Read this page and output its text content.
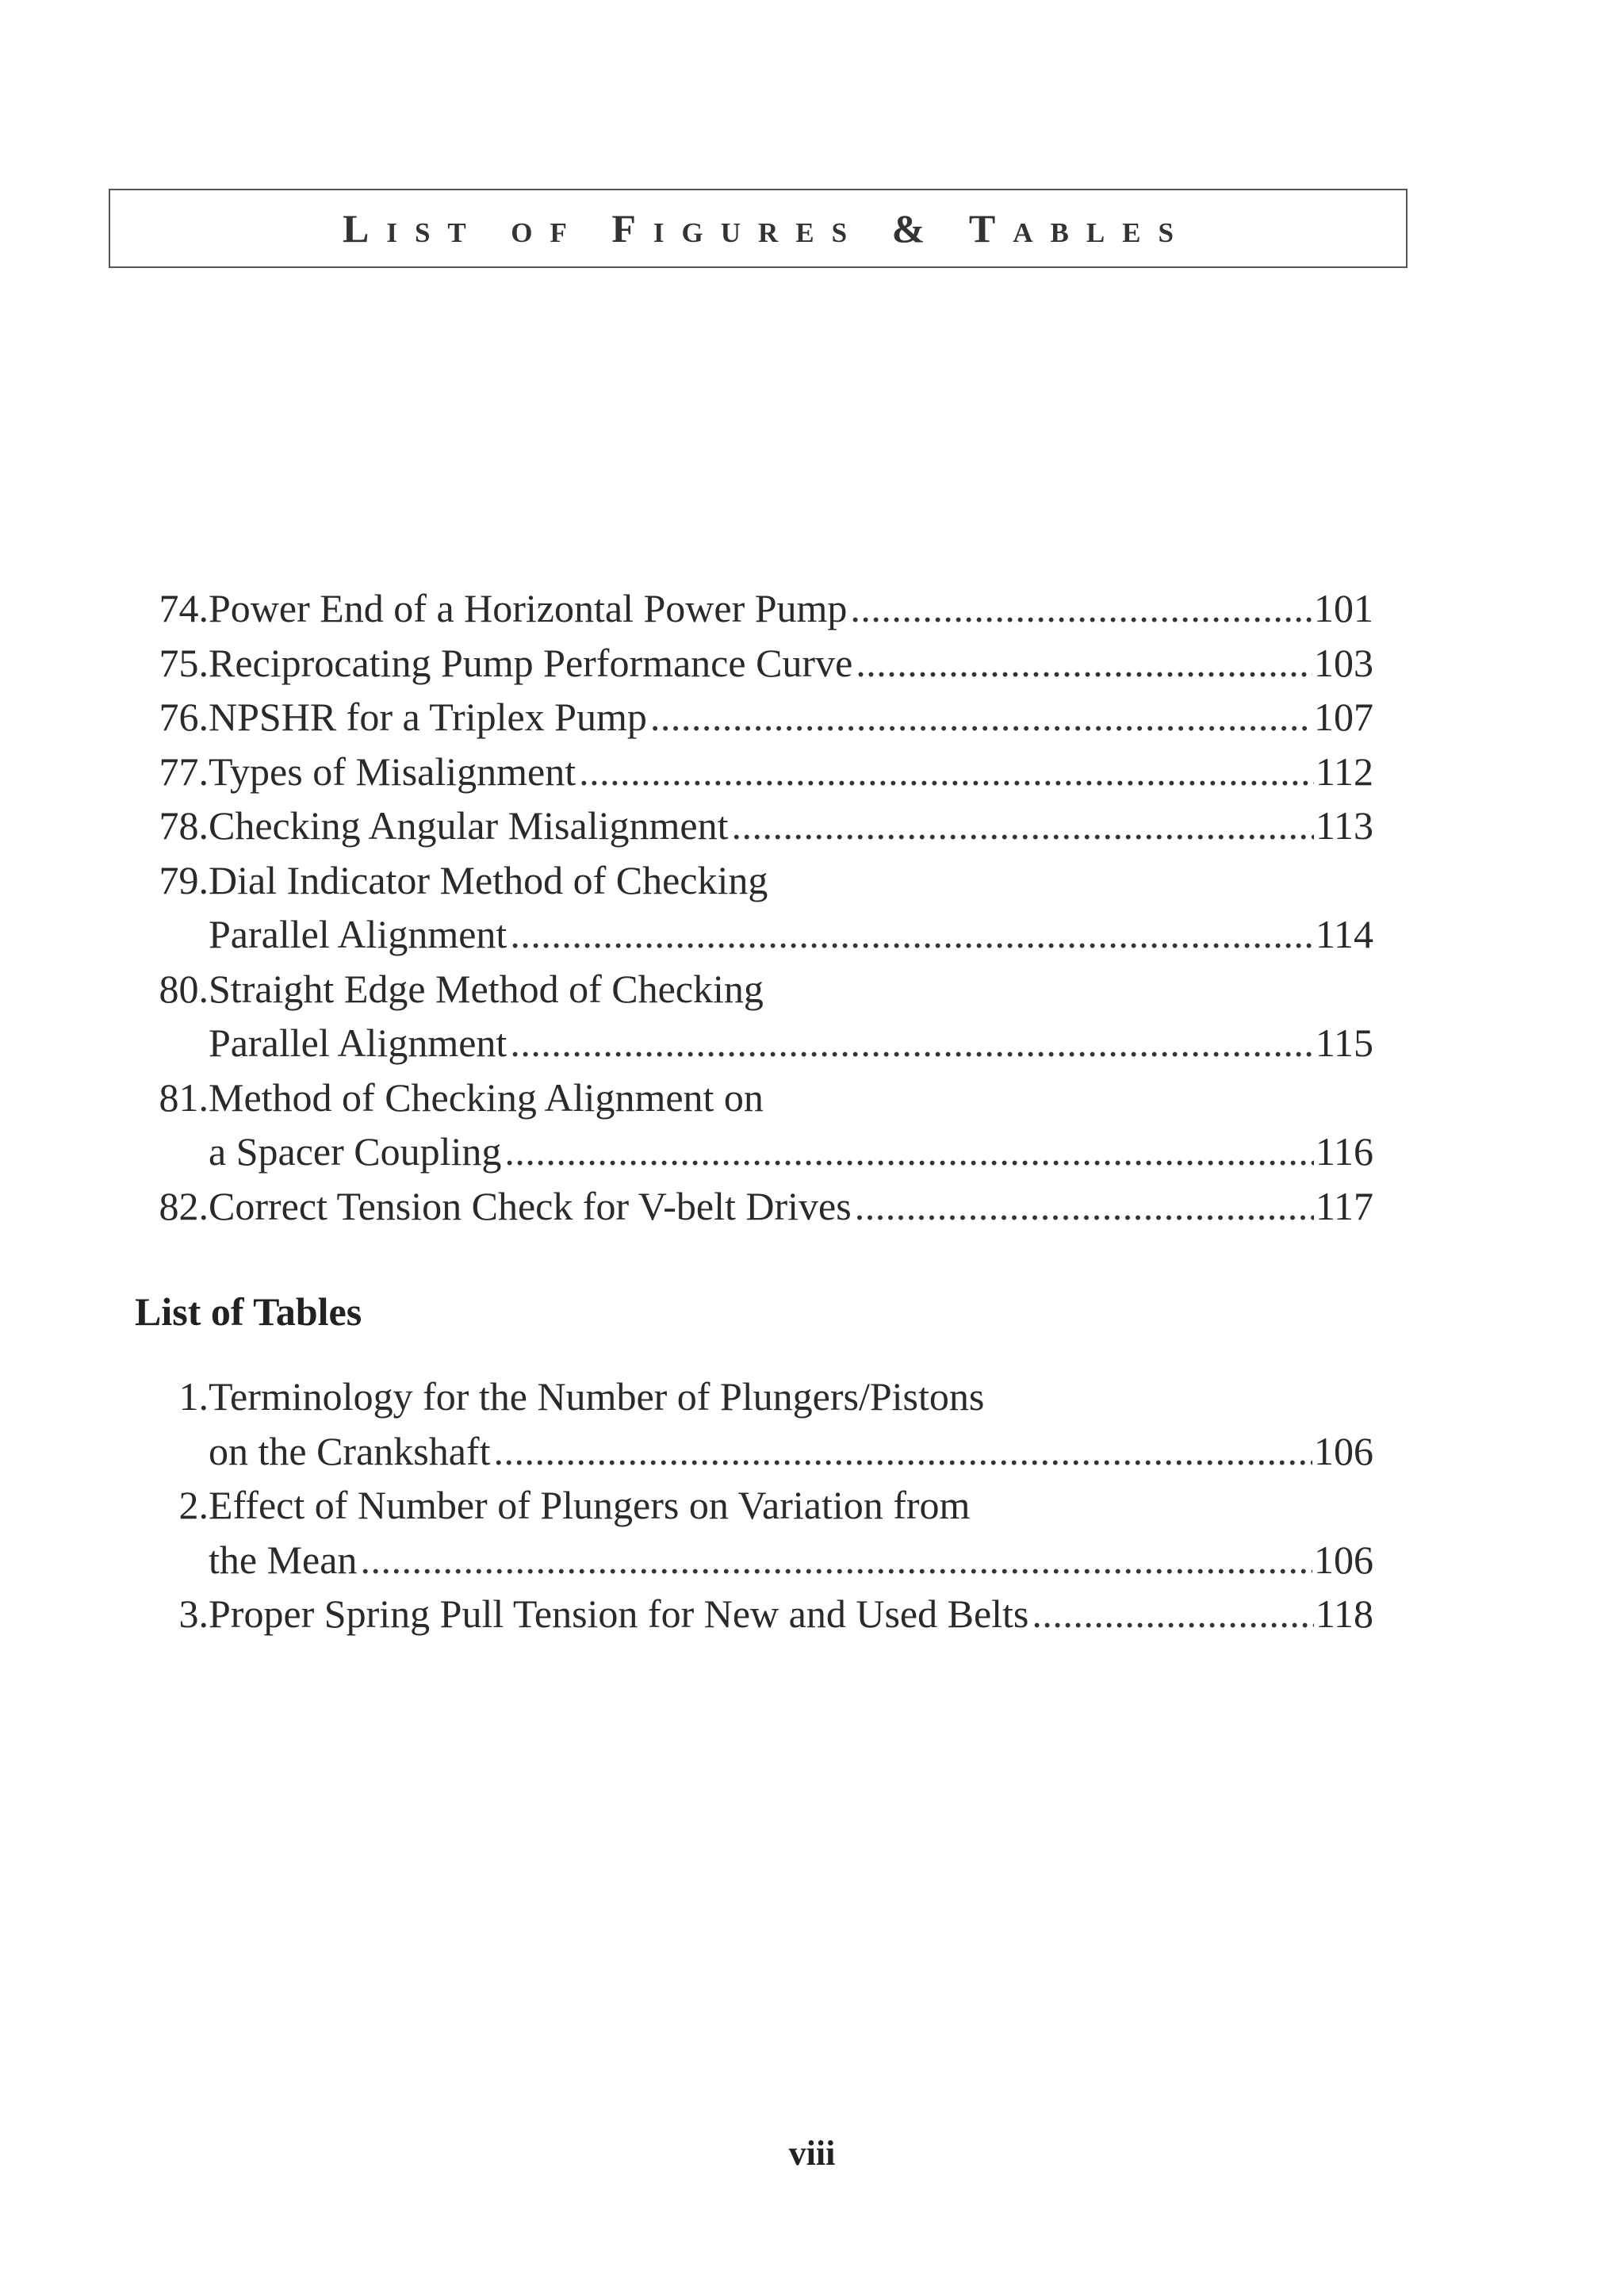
List of Figures & Tables
74. Power End of a Horizontal Power Pump . . .	101
75. Reciprocating Pump Performance Curve . . .	103
76. NPSHR for a Triplex Pump . . .	107
77. Types of Misalignment . . .	112
78. Checking Angular Misalignment . . .	113
79. Dial Indicator Method of Checking
Parallel Alignment . . .	114
80. Straight Edge Method of Checking
Parallel Alignment . . .	115
81. Method of Checking Alignment on
a Spacer Coupling . . .	116
82. Correct Tension Check for V-belt Drives . . .	117
List of Tables
1. Terminology for the Number of Plungers/Pistons
on the Crankshaft . . .	106
2. Effect of Number of Plungers on Variation from
the Mean . . .	106
3. Proper Spring Pull Tension for New and Used Belts . . .	118
viii
